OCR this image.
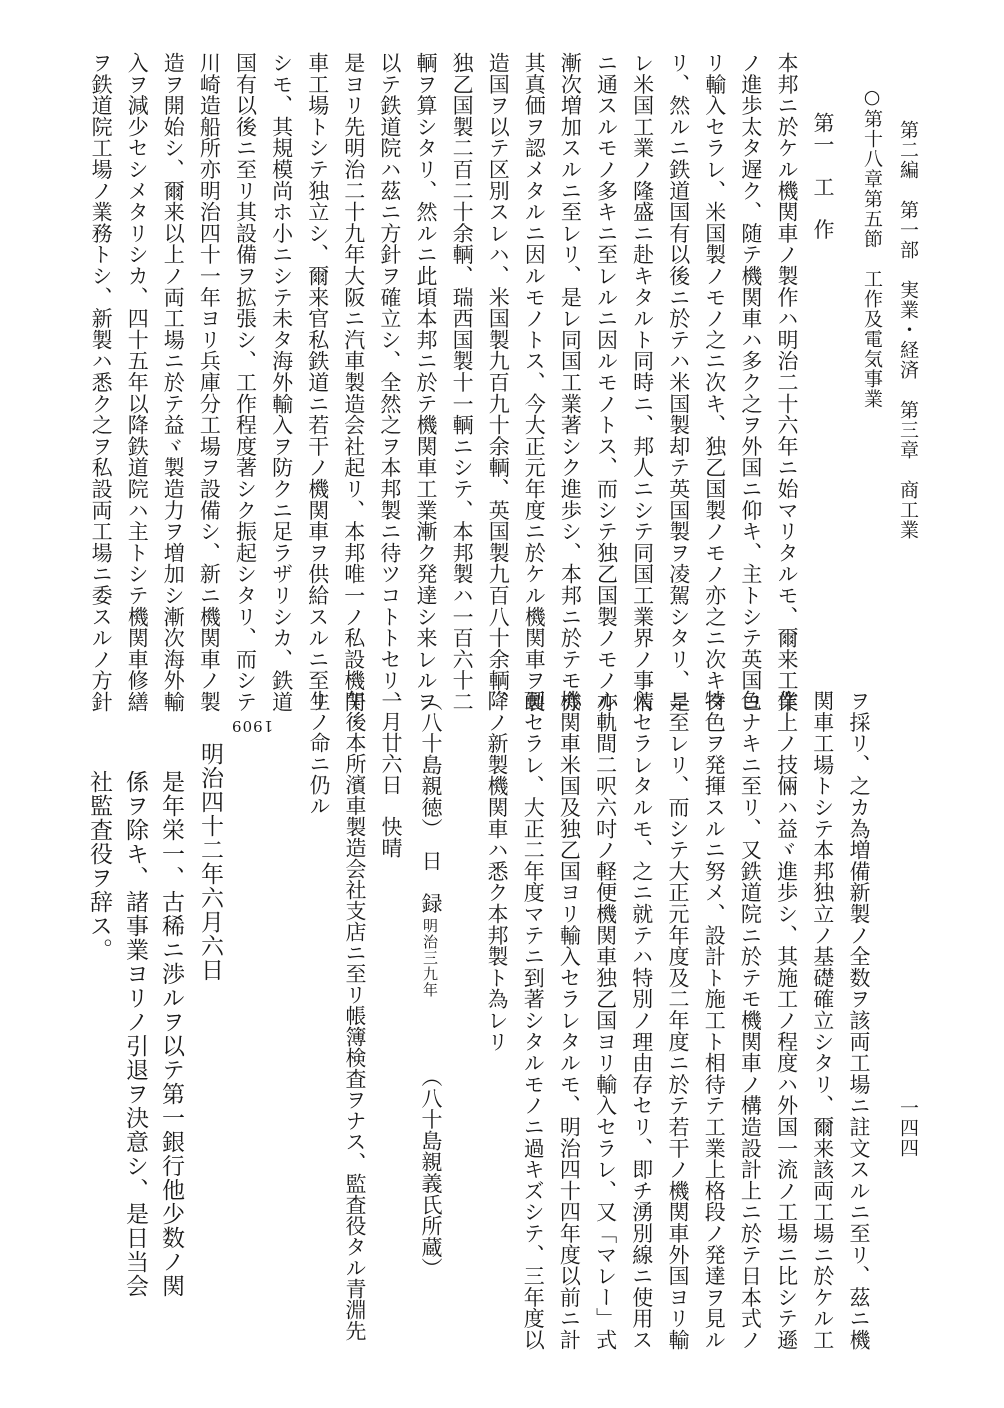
第二編　第一部　実業・経済　第三章　商工業
一四四
○第十八章第五節　工作及電気事業
第一　工　作
本邦ニ於ケル機関車ノ製作ハ明治二十六年ニ始マリタルモ、爾来工業
ノ進歩太タ遅ク、随テ機関車ハ多ク之ヲ外国ニ仰キ、主トシテ英国ヨ
リ輸入セラレ、米国製ノモノ之ニ次キ、独乙国製ノモノ亦之ニ次キタ
リ、然ルニ鉄道国有以後ニ於テハ米国製却テ英国製ヲ凌駕シタリ、是
レ米国工業ノ隆盛ニ赴キタルト同時ニ、邦人ニシテ同国工業界ノ事情
ニ通スルモノ多キニ至レルニ因ルモノトス、而シテ独乙国製ノモノ亦
漸次増加スルニ至レリ、是レ同国工業著シク進歩シ、本邦ニ於テモ亦
其真価ヲ認メタルニ因ルモノトス、今大正元年度ニ於ケル機関車ヲ製
造国ヲ以テ区別スレハ、米国製九百九十余輌、英国製九百八十余輌、
独乙国製二百二十余輌、瑞西国製十一輌ニシテ、本邦製ハ一百六十二
輌ヲ算シタリ、然ルニ此頃本邦ニ於テ機関車工業漸ク発達シ来レルヲ
以テ鉄道院ハ茲ニ方針ヲ確立シ、全然之ヲ本邦製ニ待ツコトトセリ、
是ヨリ先明治二十九年大阪ニ汽車製造会社起リ、本邦唯一ノ私設機関
車工場トシテ独立シ、爾来官私鉄道ニ若干ノ機関車ヲ供給スルニ至リ
シモ、其規模尚ホ小ニシテ未タ海外輸入ヲ防クニ足ラザリシカ、鉄道
国有以後ニ至リ其設備ヲ拡張シ、工作程度著シク振起シタリ、而シテ
川崎造船所亦明治四十一年ヨリ兵庫分工場ヲ設備シ、新ニ機関車ノ製
造ヲ開始シ、爾来以上ノ両工場ニ於テ益ヾ製造力ヲ増加シ漸次海外輸
入ヲ減少セシメタリシカ、四十五年以降鉄道院ハ主トシテ機関車修繕
ヲ鉄道院工場ノ業務トシ、新製ハ悉ク之ヲ私設両工場ニ委スルノ方針
ヲ採リ、之カ為増備新製ノ全数ヲ該両工場ニ註文スルニ至リ、茲ニ機
関車工場トシテ本邦独立ノ基礎確立シタリ、爾来該両工場ニ於ケル工
作上ノ技倆ハ益ヾ進歩シ、其施工ノ程度ハ外国一流ノ工場ニ比シテ遜
色ナキニ至リ、又鉄道院ニ於テモ機関車ノ構造設計上ニ於テ日本式ノ
特色ヲ発揮スルニ努メ、設計ト施工ト相待テ工業上格段ノ発達ヲ見ル
ニ至レリ、而シテ大正元年度及二年度ニ於テ若干ノ機関車外国ヨリ輸
入セラレタルモ、之ニ就テハ特別ノ理由存セリ、即チ湧別線ニ使用ス
ル軌間二呎六吋ノ軽便機関車独乙国ヨリ輸入セラレ、又「マレー」式
機関車米国及独乙国ヨリ輸入セラレタルモ、明治四十四年度以前ニ計
画セラレ、大正二年度マテニ到著シタルモノニ過キズシテ、三年度以
降ノ新製機関車ハ悉ク本邦製ト為レリ
（八十島親義氏所蔵）
（八十島親徳）　日　録
明治三九年
一月廿六日　快晴
午後本所濱車製造会社支店ニ至リ帳簿検査ヲナス、監査役タル青淵先
生ノ命ニ仍ル
1909
明治四十二年六月六日
是年栄一、古稀ニ渉ルヲ以テ第一銀行他少数ノ関
係ヲ除キ、諸事業ヨリノ引退ヲ決意シ、是日当会
社監査役ヲ辞ス。
